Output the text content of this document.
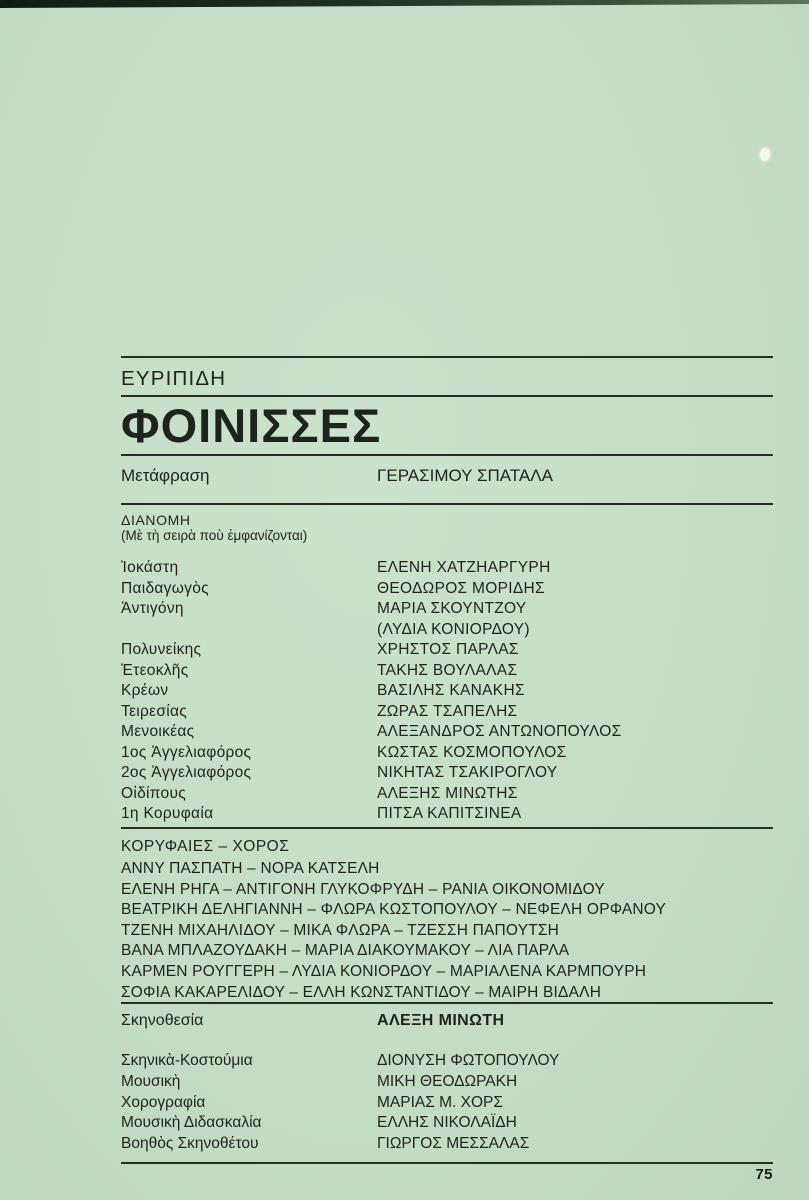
ΕΥΡΙΠΙΔΗ
ΦΟΙΝΙΣΣΕΣ
Μετάφραση	ΓΕΡΑΣΙΜΟΥ ΣΠΑΤΑΛΑ
ΔΙΑΝΟΜΗ
(Μὲ τὴ σειρὰ ποὺ ἐμφανίζονται)
Ἰοκάστη	ΕΛΕΝΗ ΧΑΤΖΗΑΡΓΥΡΗ
Παιδαγωγὸς	ΘΕΟΔΩΡΟΣ ΜΟΡΙΔΗΣ
Ἀντιγόνη	ΜΑΡΙΑ ΣΚΟΥΝΤΖΟΥ
(ΛΥΔΙΑ ΚΟΝΙΟΡΔΟΥ)
Πολυνείκης	ΧΡΗΣΤΟΣ ΠΑΡΛΑΣ
Ἐτεοκλῆς	ΤΑΚΗΣ ΒΟΥΛΑΛΑΣ
Κρέων	ΒΑΣΙΛΗΣ ΚΑΝΑΚΗΣ
Τειρεσίας	ΖΩΡΑΣ ΤΣΑΠΕΛΗΣ
Μενοικέας	ΑΛΕΞΑΝΔΡΟΣ ΑΝΤΩΝΟΠΟΥΛΟΣ
1ος Ἀγγελιαφόρος	ΚΩΣΤΑΣ ΚΟΣΜΟΠΟΥΛΟΣ
2ος Ἀγγελιαφόρος	ΝΙΚΗΤΑΣ ΤΣΑΚΙΡΟΓΛΟΥ
Οἰδίπους	ΑΛΕΞΗΣ ΜΙΝΩΤΗΣ
1η Κορυφαία	ΠΙΤΣΑ ΚΑΠΙΤΣΙΝΕΑ
ΚΟΡΥΦΑΙΕΣ – ΧΟΡΟΣ
ΑΝΝΥ ΠΑΣΠΑΤΗ – ΝΟΡΑ ΚΑΤΣΕΛΗ
ΕΛΕΝΗ ΡΗΓΑ – ΑΝΤΙΓΟΝΗ ΓΛΥΚΟΦΡΥΔΗ – ΡΑΝΙΑ ΟΙΚΟΝΟΜΙΔΟΥ
ΒΕΑΤΡΙΚΗ ΔΕΛΗΓΙΑΝΝΗ – ΦΛΩΡΑ ΚΩΣΤΟΠΟΥΛΟΥ – ΝΕΦΕΛΗ ΟΡΦΑΝΟΥ
ΤΖΕΝΗ ΜΙΧΑΗΛΙΔΟΥ – ΜΙΚΑ ΦΛΩΡΑ – ΤΖΕΣΣΗ ΠΑΠΟΥΤΣΗ
ΒΑΝΑ ΜΠΛΑΖΟΥΔΑΚΗ – ΜΑΡΙΑ ΔΙΑΚΟΥΜΑΚΟΥ – ΛΙΑ ΠΑΡΛΑ
ΚΑΡΜΕΝ ΡΟΥΓΓΕΡΗ – ΛΥΔΙΑ ΚΟΝΙΟΡΔΟΥ – ΜΑΡΙΑΛΕΝΑ ΚΑΡΜΠΟΥΡΗ
ΣΟΦΙΑ ΚΑΚΑΡΕΛΙΔΟΥ – ΕΛΛΗ ΚΩΝΣΤΑΝΤΙΔΟΥ – ΜΑΙΡΗ ΒΙΔΑΛΗ
Σκηνοθεσία	ΑΛΕΞΗ ΜΙΝΩΤΗ
Σκηνικὰ-Κοστούμια	ΔΙΟΝΥΣΗ ΦΩΤΟΠΟΥΛΟΥ
Μουσικὴ	ΜΙΚΗ ΘΕΟΔΩΡΑΚΗ
Χορογραφία	ΜΑΡΙΑΣ Μ. ΧΟΡΣ
Μουσικὴ Διδασκαλία	ΕΛΛΗΣ ΝΙΚΟΛΑΪΔΗ
Βοηθὸς Σκηνοθέτου	ΓΙΩΡΓΟΣ ΜΕΣΣΑΛΑΣ
75
